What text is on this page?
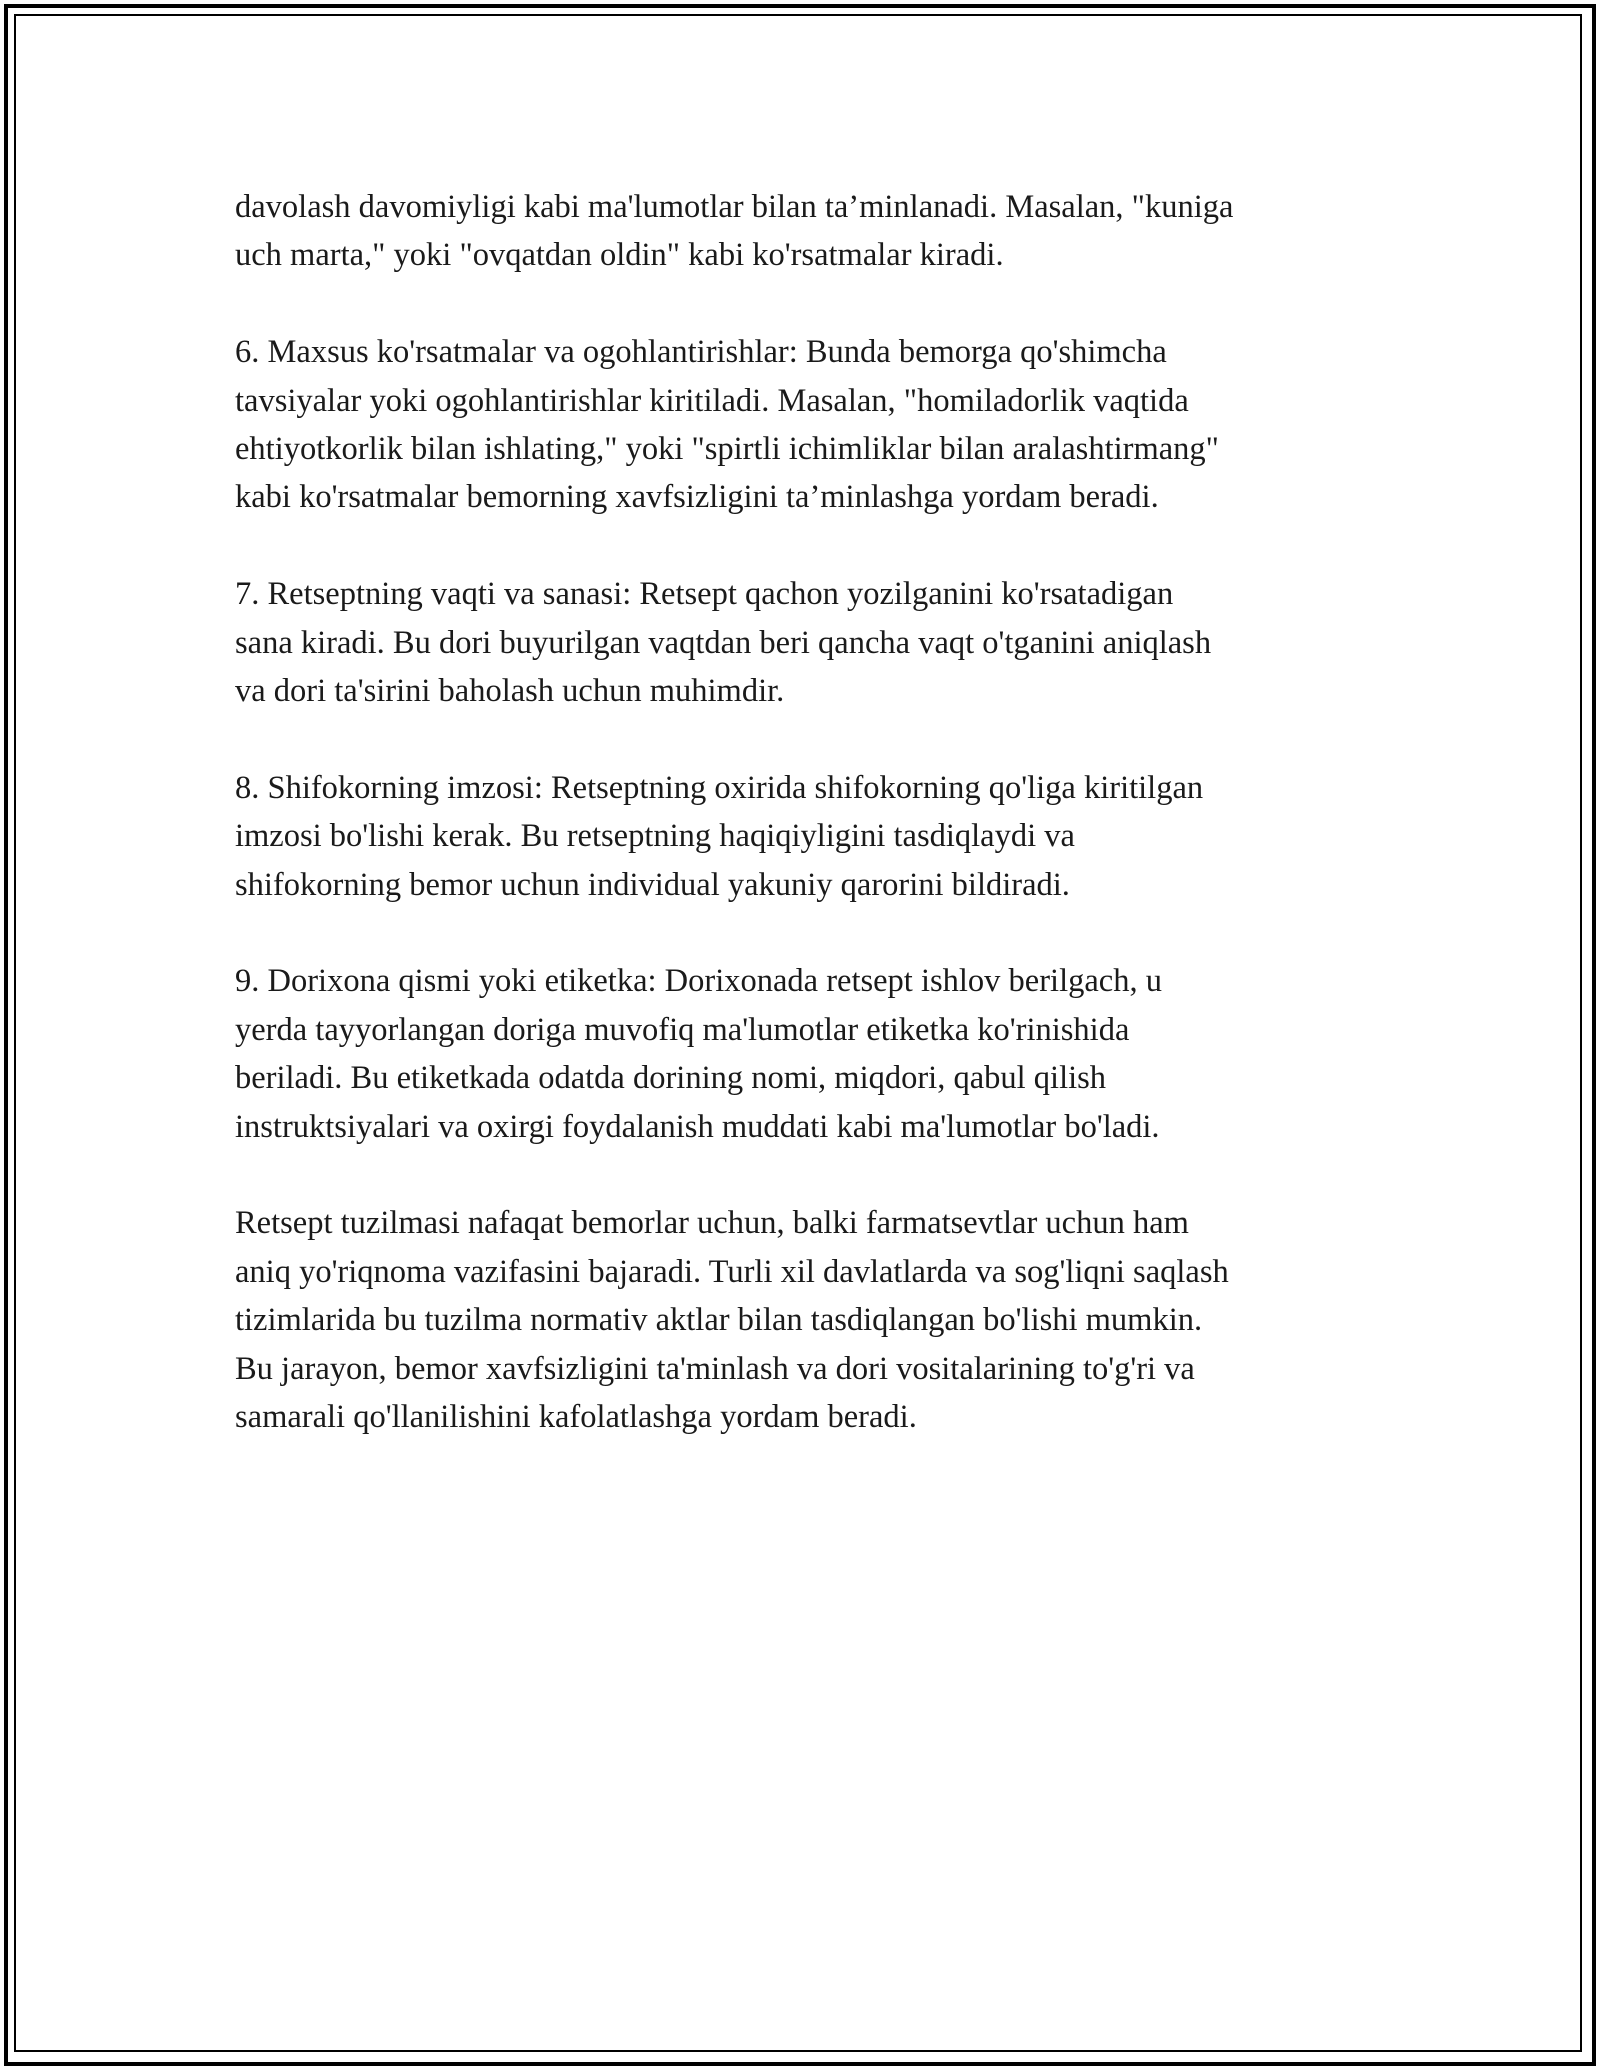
davolash davomiyligi kabi ma'lumotlar bilan ta’minlanadi. Masalan, "kuniga
uch marta," yoki "ovqatdan oldin" kabi ko'rsatmalar kiradi.

6. Maxsus ko'rsatmalar va ogohlantirishlar: Bunda bemorga qo'shimcha
tavsiyalar yoki ogohlantirishlar kiritiladi. Masalan, "homiladorlik vaqtida
ehtiyotkorlik bilan ishlating," yoki "spirtli ichimliklar bilan aralashtirmang"
kabi ko'rsatmalar bemorning xavfsizligini ta’minlashga yordam beradi.

7. Retseptning vaqti va sanasi: Retsept qachon yozilganini ko'rsatadigan
sana kiradi. Bu dori buyurilgan vaqtdan beri qancha vaqt o'tganini aniqlash
va dori ta'sirini baholash uchun muhimdir.

8. Shifokorning imzosi: Retseptning oxirida shifokorning qo'liga kiritilgan
imzosi bo'lishi kerak. Bu retseptning haqiqiyligini tasdiqlaydi va
shifokorning bemor uchun individual yakuniy qarorini bildiradi.

9. Dorixona qismi yoki etiketka: Dorixonada retsept ishlov berilgach, u
yerda tayyorlangan doriga muvofiq ma'lumotlar etiketka ko'rinishida
beriladi. Bu etiketkada odatda dorining nomi, miqdori, qabul qilish
instruktsiyalari va oxirgi foydalanish muddati kabi ma'lumotlar bo'ladi.

Retsept tuzilmasi nafaqat bemorlar uchun, balki farmatsevtlar uchun ham
aniq yo'riqnoma vazifasini bajaradi. Turli xil davlatlarda va sog'liqni saqlash
tizimlarida bu tuzilma normativ aktlar bilan tasdiqlangan bo'lishi mumkin.
Bu jarayon, bemor xavfsizligini ta'minlash va dori vositalarining to'g'ri va
samarali qo'llanilishini kafolatlashga yordam beradi.
